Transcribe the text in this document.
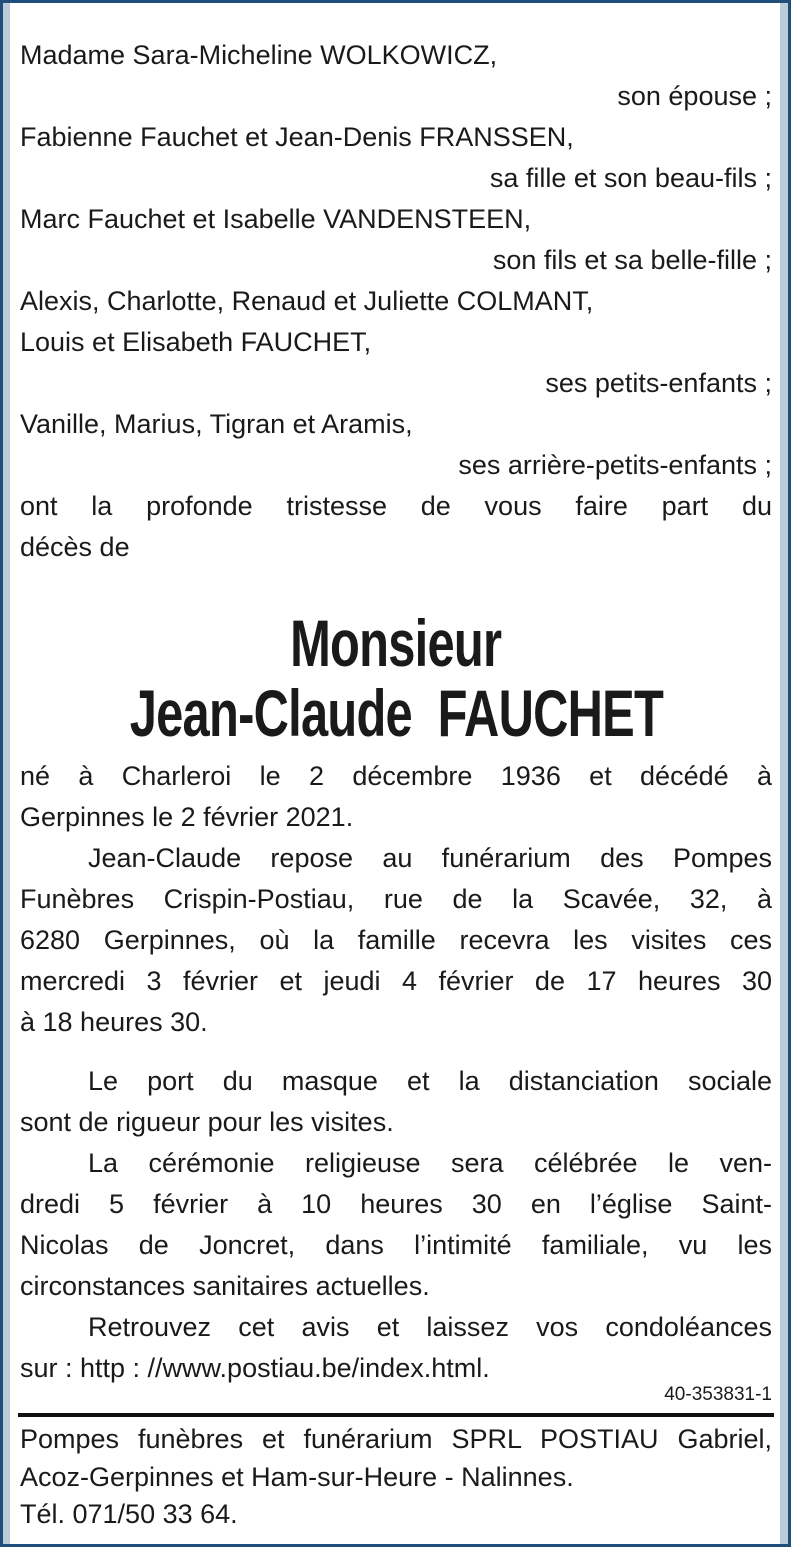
Madame Sara-Micheline WOLKOWICZ,
son épouse ;
Fabienne Fauchet et Jean-Denis FRANSSEN,
sa fille et son beau-fils ;
Marc Fauchet et Isabelle VANDENSTEEN,
son fils et sa belle-fille ;
Alexis, Charlotte, Renaud et Juliette COLMANT,
Louis et Elisabeth FAUCHET,
ses petits-enfants ;
Vanille, Marius, Tigran et Aramis,
ses arrière-petits-enfants ;
ont la profonde tristesse de vous faire part du
décès de
Monsieur
Jean-Claude  FAUCHET
né à Charleroi le 2 décembre 1936 et décédé à
Gerpinnes le 2 février 2021.
Jean-Claude repose au funérarium des Pompes
Funèbres Crispin-Postiau, rue de la Scavée, 32, à
6280 Gerpinnes, où la famille recevra les visites ces
mercredi 3 février et jeudi 4 février de 17 heures 30
à 18 heures 30.
Le port du masque et la distanciation sociale
sont de rigueur pour les visites.
La cérémonie religieuse sera célébrée le ven-
dredi 5 février à 10 heures 30 en l’église Saint-
Nicolas de Joncret, dans l’intimité familiale, vu les
circonstances sanitaires actuelles.
Retrouvez cet avis et laissez vos condoléances
sur : http : //www.postiau.be/index.html.
40-353831-1
Pompes funèbres et funérarium SPRL POSTIAU Gabriel,
Acoz-Gerpinnes et Ham-sur-Heure - Nalinnes.
Tél. 071/50 33 64.
